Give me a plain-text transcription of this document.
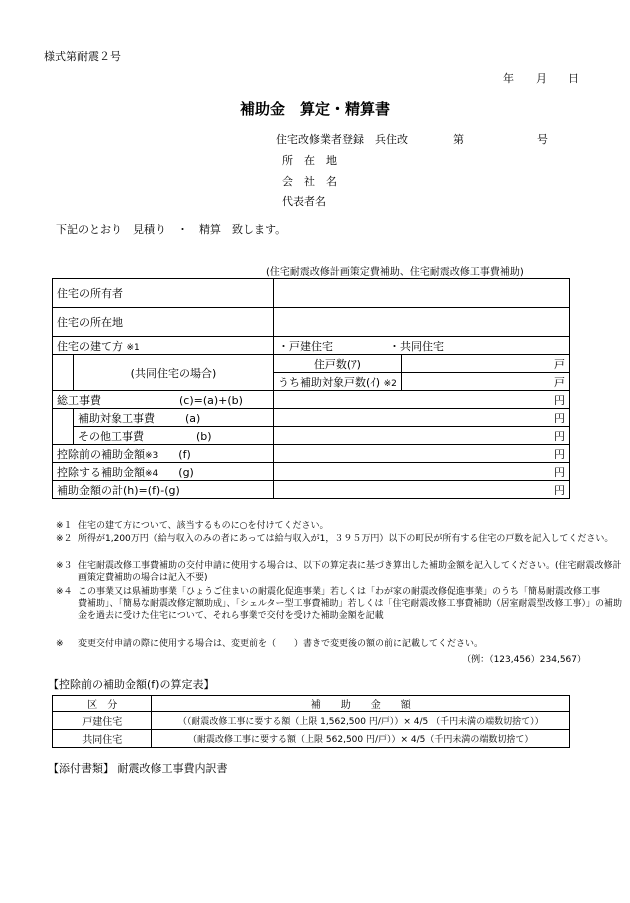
様式第耐震２号
年 月 日
補助金　算定・精算書
住宅改修業者登録　兵住改	第	号
所　在　地
会　社　名
代表者名
下記のとおり　見積り　・　精算　致します。
(住宅耐震改修計画策定費補助、住宅耐震改修工事費補助)
住宅の所有者			
住宅の所在地			
住宅の建て方 ※1		・戸建住宅 ・共同住宅	
	(共同住宅の場合)	住戸数(ｱ)	戸
		うち補助対象戸数(ｲ) ※2	戸
総工事費 (c)=(a)+(b)		円	
	補助対象工事費 (a)	円	
	その他工事費 (b)	円	
控除前の補助金額※3 (f)		円	
控除する補助金額※4 (g)		円	
補助金額の計(h)=(f)-(g)		円	
※１ 住宅の建て方について、該当するものに○を付けてください。
※２ 所得が1,200万円（給与収入のみの者にあっては給与収入が1，３９５万円）以下の町民が所有する住宅の戸数を記入してください。
※３ 住宅耐震改修工事費補助の交付申請に使用する場合は、以下の算定表に基づき算出した補助金額を記入してください。(住宅耐震改修計画策定費補助の場合は記入不要)
※４ この事業又は県補助事業「ひょうご住まいの耐震化促進事業」若しくは「わが家の耐震改修促進事業」のうち「簡易耐震改修工事　　　費補助」、「簡易な耐震改修定額助成」、「シェルター型工事費補助」若しくは「住宅耐震改修工事費補助（居室耐震型改修工事）」の補助金を過去に受けた住宅について、それら事業で交付を受けた補助金額を記載
※ 変更交付申請の際に使用する場合は、変更前を（　　）書きで変更後の額の前に記載してください。
（例：（123,456）234,567）
【控除前の補助金額(f)の算定表】
区　分	補　　助　　金　　額
戸建住宅	（（耐震改修工事に要する額（上限 1,562,500 円/戸））× 4/5 （千円未満の端数切捨て））
共同住宅	（耐震改修工事に要する額（上限 562,500 円/戸））× 4/5（千円未満の端数切捨て）
【添付書類】 耐震改修工事費内訳書
